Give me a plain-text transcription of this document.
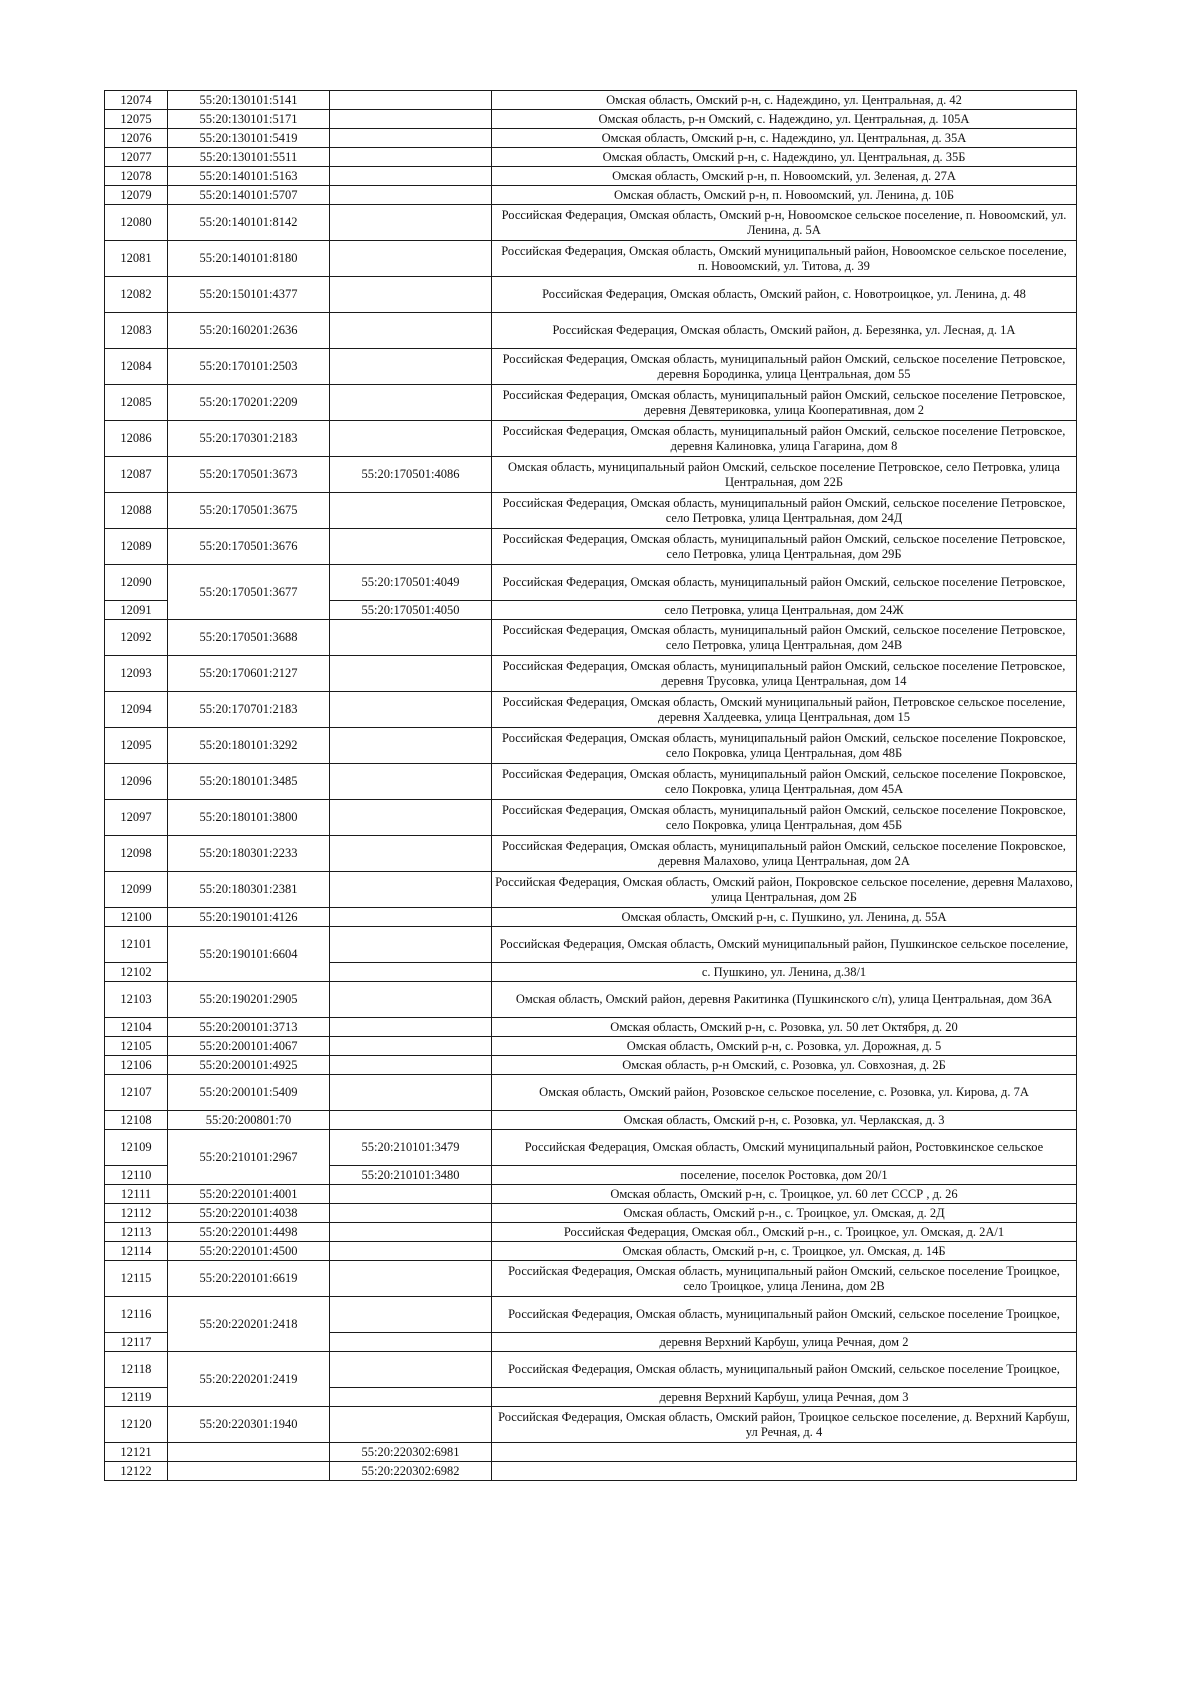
12074	55:20:130101:5141		Омская область, Омский р-н, с. Надеждино, ул. Центральная, д. 42
12075	55:20:130101:5171		Омская область, р-н Омский, с. Надеждино, ул. Центральная, д. 105А
12076	55:20:130101:5419		Омская область, Омский р-н, с. Надеждино, ул. Центральная, д. 35А
12077	55:20:130101:5511		Омская область, Омский р-н, с. Надеждино, ул. Центральная, д. 35Б
12078	55:20:140101:5163		Омская область, Омский р-н, п. Новоомский, ул. Зеленая, д. 27А
12079	55:20:140101:5707		Омская область, Омский р-н, п. Новоомский, ул. Ленина, д. 10Б
12080	55:20:140101:8142		Российская Федерация, Омская область, Омский р-н, Новоомское сельское поселение, п. Новоомский, ул. Ленина, д. 5А
12081	55:20:140101:8180		Российская Федерация, Омская область, Омский муниципальный район, Новоомское сельское поселение, п. Новоомский, ул. Титова, д. 39
12082	55:20:150101:4377		Российская Федерация, Омская область, Омский район, с. Новотроицкое, ул. Ленина, д. 48
12083	55:20:160201:2636		Российская Федерация, Омская область, Омский район, д. Березянка, ул. Лесная, д. 1А
12084	55:20:170101:2503		Российская Федерация, Омская область, муниципальный район Омский, сельское поселение Петровское, деревня Бородинка, улица Центральная, дом 55
12085	55:20:170201:2209		Российская Федерация, Омская область, муниципальный район Омский, сельское поселение Петровское, деревня Девятериковка, улица Кооперативная, дом 2
12086	55:20:170301:2183		Российская Федерация, Омская область, муниципальный район Омский, сельское поселение Петровское, деревня Калиновка, улица Гагарина, дом 8
12087	55:20:170501:3673	55:20:170501:4086	Омская область, муниципальный район Омский, сельское поселение Петровское, село Петровка, улица Центральная, дом 22Б
12088	55:20:170501:3675		Российская Федерация, Омская область, муниципальный район Омский, сельское поселение Петровское, село Петровка, улица Центральная, дом 24Д
12089	55:20:170501:3676		Российская Федерация, Омская область, муниципальный район Омский, сельское поселение Петровское, село Петровка, улица Центральная, дом 29Б
12090	55:20:170501:3677	55:20:170501:4049	Российская Федерация, Омская область, муниципальный район Омский, сельское поселение Петровское,
12091		55:20:170501:4050	село Петровка, улица Центральная, дом 24Ж
12092	55:20:170501:3688		Российская Федерация, Омская область, муниципальный район Омский, сельское поселение Петровское, село Петровка, улица Центральная, дом 24В
12093	55:20:170601:2127		Российская Федерация, Омская область, муниципальный район Омский, сельское поселение Петровское, деревня Трусовка, улица Центральная, дом 14
12094	55:20:170701:2183		Российская Федерация, Омская область, Омский муниципальный район, Петровское сельское поселение, деревня Халдеевка, улица Центральная, дом 15
12095	55:20:180101:3292		Российская Федерация, Омская область, муниципальный район Омский, сельское поселение Покровское, село Покровка, улица Центральная, дом 48Б
12096	55:20:180101:3485		Российская Федерация, Омская область, муниципальный район Омский, сельское поселение Покровское, село Покровка, улица Центральная, дом 45А
12097	55:20:180101:3800		Российская Федерация, Омская область, муниципальный район Омский, сельское поселение Покровское, село Покровка, улица Центральная, дом 45Б
12098	55:20:180301:2233		Российская Федерация, Омская область, муниципальный район Омский, сельское поселение Покровское, деревня Малахово, улица Центральная, дом 2А
12099	55:20:180301:2381		Российская Федерация, Омская область, Омский район, Покровское сельское поселение, деревня Малахово, улица Центральная, дом 2Б
12100	55:20:190101:4126		Омская область, Омский р-н, с. Пушкино, ул. Ленина, д. 55А
12101	55:20:190101:6604		Российская Федерация, Омская область, Омский муниципальный район, Пушкинское сельское поселение,
12102			с. Пушкино, ул. Ленина, д.38/1
12103	55:20:190201:2905		Омская область, Омский район, деревня Ракитинка (Пушкинского с/п), улица Центральная, дом 36А
12104	55:20:200101:3713		Омская область, Омский р-н, с. Розовка, ул. 50 лет Октября, д. 20
12105	55:20:200101:4067		Омская область, Омский р-н, с. Розовка, ул. Дорожная, д. 5
12106	55:20:200101:4925		Омская область, р-н Омский, с. Розовка, ул. Совхозная, д. 2Б
12107	55:20:200101:5409		Омская область, Омский район, Розовское сельское поселение, с. Розовка, ул. Кирова, д. 7А
12108	55:20:200801:70		Омская область, Омский р-н, с. Розовка, ул. Черлакская, д. 3
12109	55:20:210101:2967	55:20:210101:3479	Российская Федерация, Омская область, Омский муниципальный район, Ростовкинское сельское
12110		55:20:210101:3480	поселение, поселок Ростовка, дом 20/1
12111	55:20:220101:4001		Омская область, Омский р-н, с. Троицкое, ул. 60 лет СССР , д. 26
12112	55:20:220101:4038		Омская область, Омский р-н., с. Троицкое, ул. Омская, д. 2Д
12113	55:20:220101:4498		Российская Федерация, Омская обл., Омский р-н., с. Троицкое, ул. Омская, д. 2А/1
12114	55:20:220101:4500		Омская область, Омский р-н, с. Троицкое, ул. Омская, д. 14Б
12115	55:20:220101:6619		Российская Федерация, Омская область, муниципальный район Омский, сельское поселение Троицкое, село Троицкое, улица Ленина, дом 2В
12116	55:20:220201:2418		Российская Федерация, Омская область, муниципальный район Омский, сельское поселение Троицкое,
12117			деревня Верхний Карбуш, улица Речная, дом 2
12118	55:20:220201:2419		Российская Федерация, Омская область, муниципальный район Омский, сельское поселение Троицкое,
12119			деревня Верхний Карбуш, улица Речная, дом 3
12120	55:20:220301:1940		Российская Федерация, Омская область, Омский район, Троицкое сельское поселение, д. Верхний Карбуш, ул Речная, д. 4
12121		55:20:220302:6981	
12122		55:20:220302:6982	
